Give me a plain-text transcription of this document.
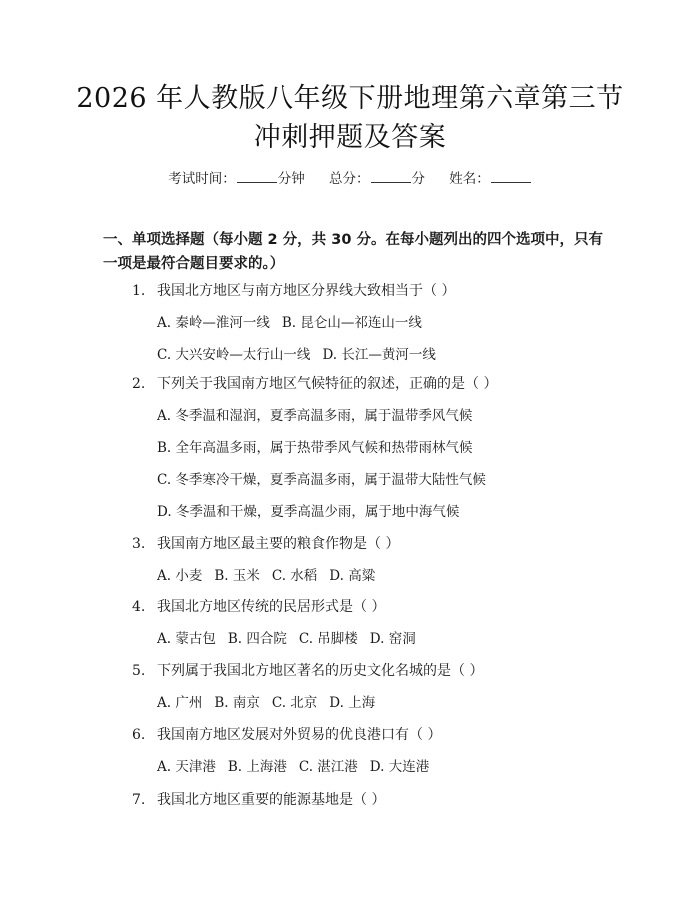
2026 年人教版八年级下册地理第六章第三节
冲刺押题及答案
考试时间：	分钟 总分：	分 姓名：
一、单项选择题（每小题 2 分，共 30 分。在每小题列出的四个选项中，只有一项是最符合题目要求的。）
1. 我国北方地区与南方地区分界线大致相当于（ ）
A. 秦岭—淮河一线 B. 昆仑山—祁连山一线
C. 大兴安岭—太行山一线 D. 长江—黄河一线
2. 下列关于我国南方地区气候特征的叙述，正确的是（ ）
A. 冬季温和湿润，夏季高温多雨，属于温带季风气候
B. 全年高温多雨，属于热带季风气候和热带雨林气候
C. 冬季寒冷干燥，夏季高温多雨，属于温带大陆性气候
D. 冬季温和干燥，夏季高温少雨，属于地中海气候
3. 我国南方地区最主要的粮食作物是（ ）
A. 小麦 B. 玉米 C. 水稻 D. 高粱
4. 我国北方地区传统的民居形式是（ ）
A. 蒙古包 B. 四合院 C. 吊脚楼 D. 窑洞
5. 下列属于我国北方地区著名的历史文化名城的是（ ）
A. 广州 B. 南京 C. 北京 D. 上海
6. 我国南方地区发展对外贸易的优良港口有（ ）
A. 天津港 B. 上海港 C. 湛江港 D. 大连港
7. 我国北方地区重要的能源基地是（ ）
